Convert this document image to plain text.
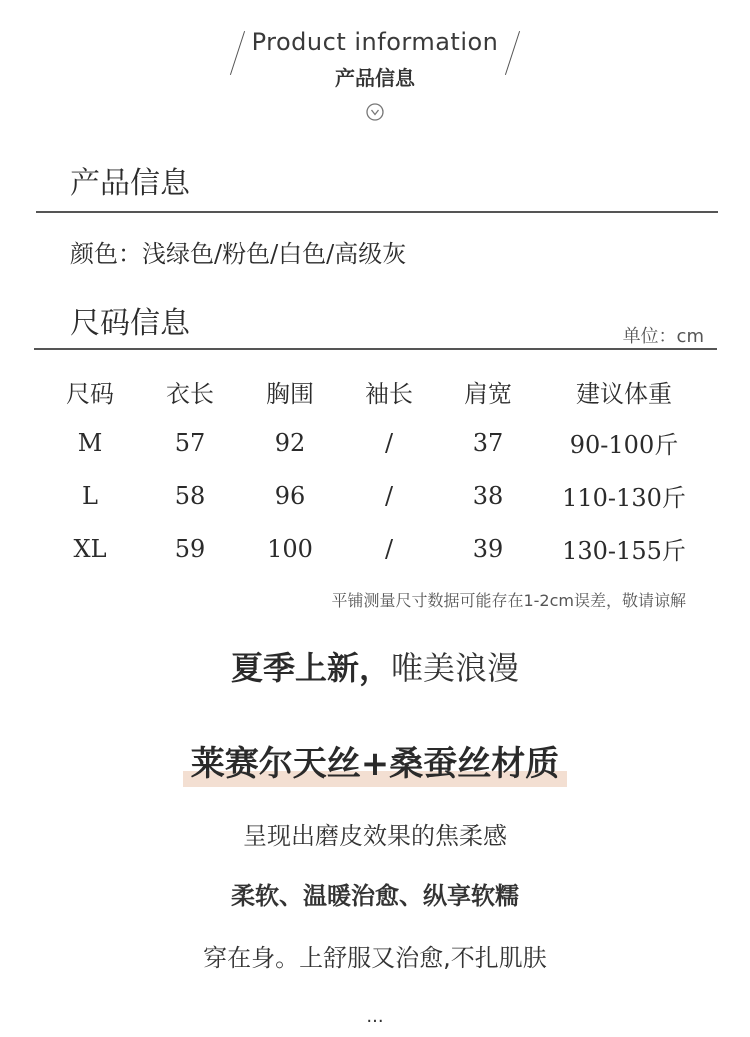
Product information
产品信息
产品信息
颜色：浅绿色/粉色/白色/高级灰
尺码信息	单位：cm
尺码	衣长	胸围	袖长	肩宽	建议体重
M	57	92	/	37	90-100斤
L	58	96	/	38	110-130斤
XL	59	100	/	39	130-155斤
平铺测量尺寸数据可能存在1-2cm误差，敬请谅解
夏季上新，唯美浪漫
莱赛尔天丝+桑蚕丝材质
呈现出磨皮效果的焦柔感
柔软、温暖治愈、纵享软糯
穿在身。上舒服又治愈,不扎肌肤
...
